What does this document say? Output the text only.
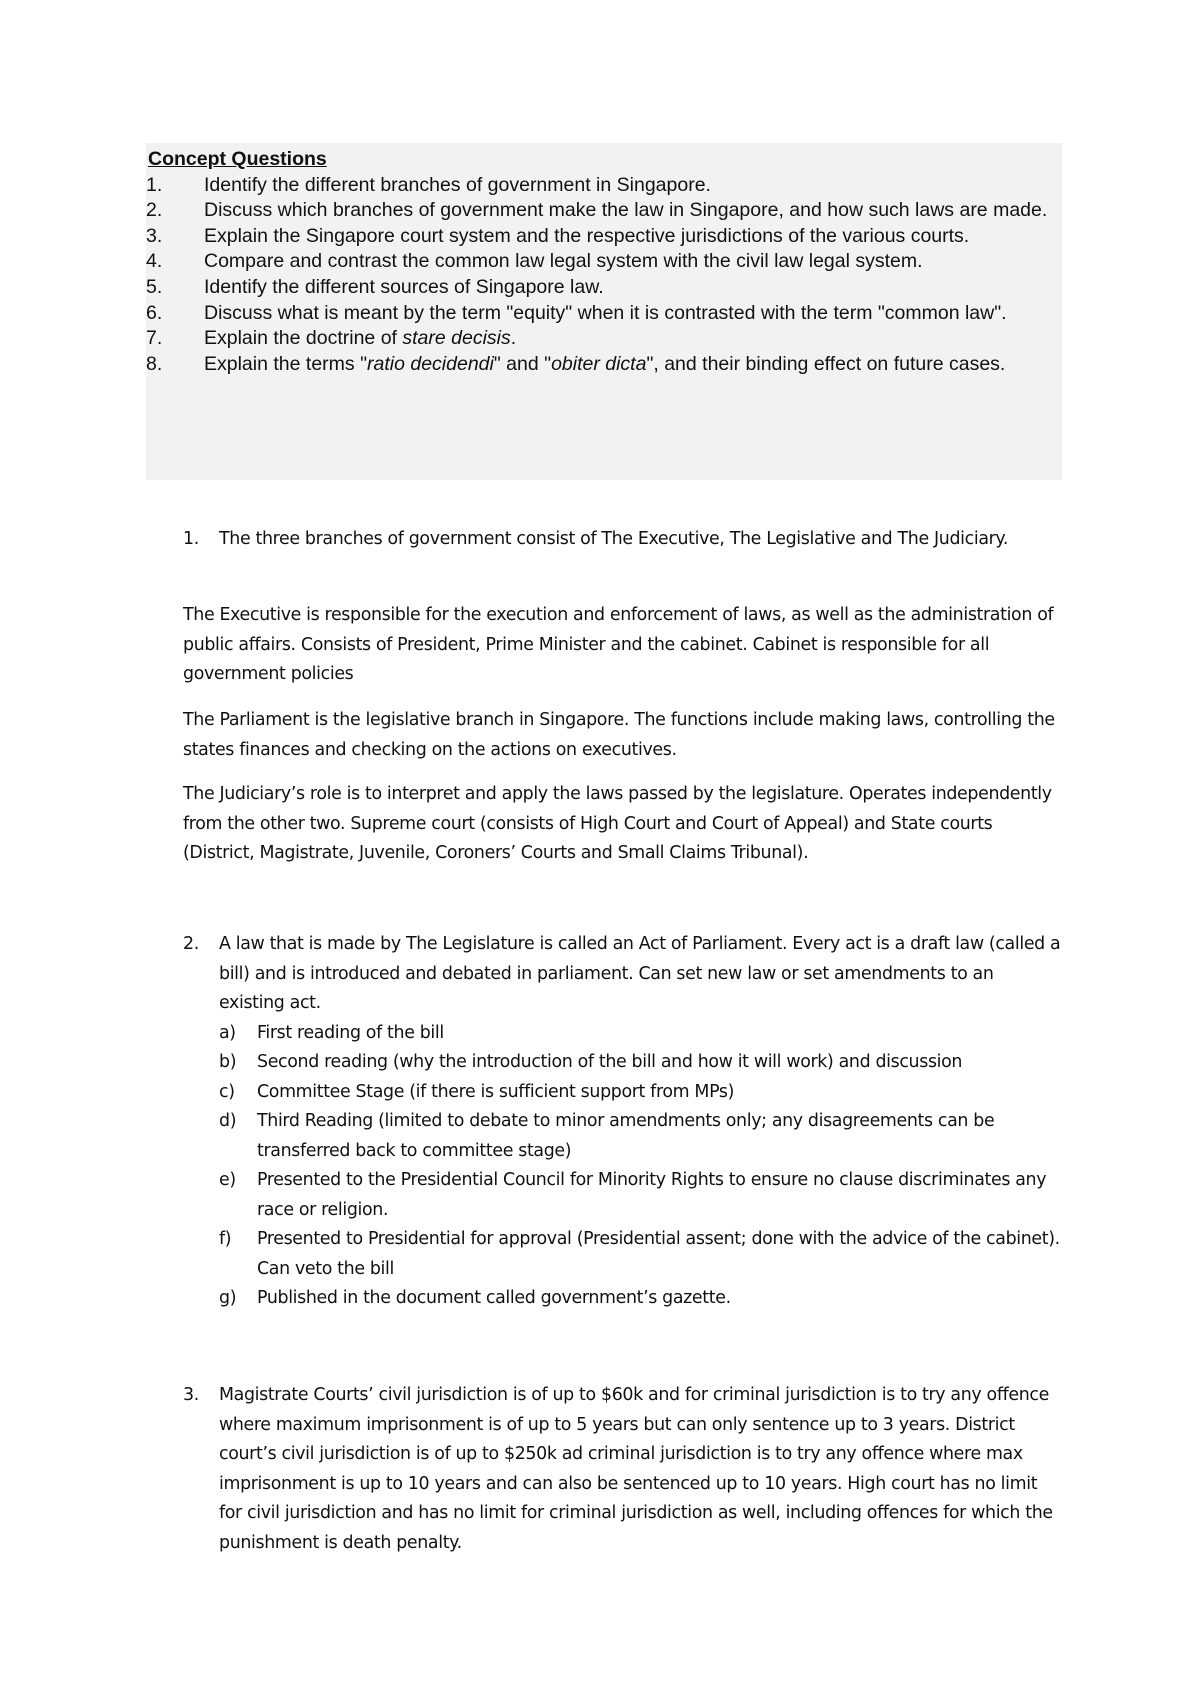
Concept Questions
1.	Identify the different branches of government in Singapore.
2.	Discuss which branches of government make the law in Singapore, and how such laws are made.
3.	Explain the Singapore court system and the respective jurisdictions of the various courts.
4.	Compare and contrast the common law legal system with the civil law legal system.
5.	Identify the different sources of Singapore law.
6.	Discuss what is meant by the term "equity" when it is contrasted with the term "common law".
7.	Explain the doctrine of stare decisis.
8.	Explain the terms "ratio decidendi" and "obiter dicta", and their binding effect on future cases.
1. The three branches of government consist of The Executive, The Legislative and The Judiciary.

The Executive is responsible for the execution and enforcement of laws, as well as the administration of public affairs. Consists of President, Prime Minister and the cabinet. Cabinet is responsible for all government policies

The Parliament is the legislative branch in Singapore. The functions include making laws, controlling the states finances and checking on the actions on executives.

The Judiciary’s role is to interpret and apply the laws passed by the legislature. Operates independently from the other two. Supreme court (consists of High Court and Court of Appeal) and State courts (District, Magistrate, Juvenile, Coroners’ Courts and Small Claims Tribunal).

2. A law that is made by The Legislature is called an Act of Parliament. Every act is a draft law (called a bill) and is introduced and debated in parliament. Can set new law or set amendments to an existing act.
a) First reading of the bill
b) Second reading (why the introduction of the bill and how it will work) and discussion
c) Committee Stage (if there is sufficient support from MPs)
d) Third Reading (limited to debate to minor amendments only; any disagreements can be transferred back to committee stage)
e) Presented to the Presidential Council for Minority Rights to ensure no clause discriminates any race or religion.
f) Presented to Presidential for approval (Presidential assent; done with the advice of the cabinet). Can veto the bill
g) Published in the document called government’s gazette.
3. Magistrate Courts’ civil jurisdiction is of up to $60k and for criminal jurisdiction is to try any offence where maximum imprisonment is of up to 5 years but can only sentence up to 3 years. District court’s civil jurisdiction is of up to $250k ad criminal jurisdiction is to try any offence where max imprisonment is up to 10 years and can also be sentenced up to 10 years. High court has no limit for civil jurisdiction and has no limit for criminal jurisdiction as well, including offences for which the punishment is death penalty.
